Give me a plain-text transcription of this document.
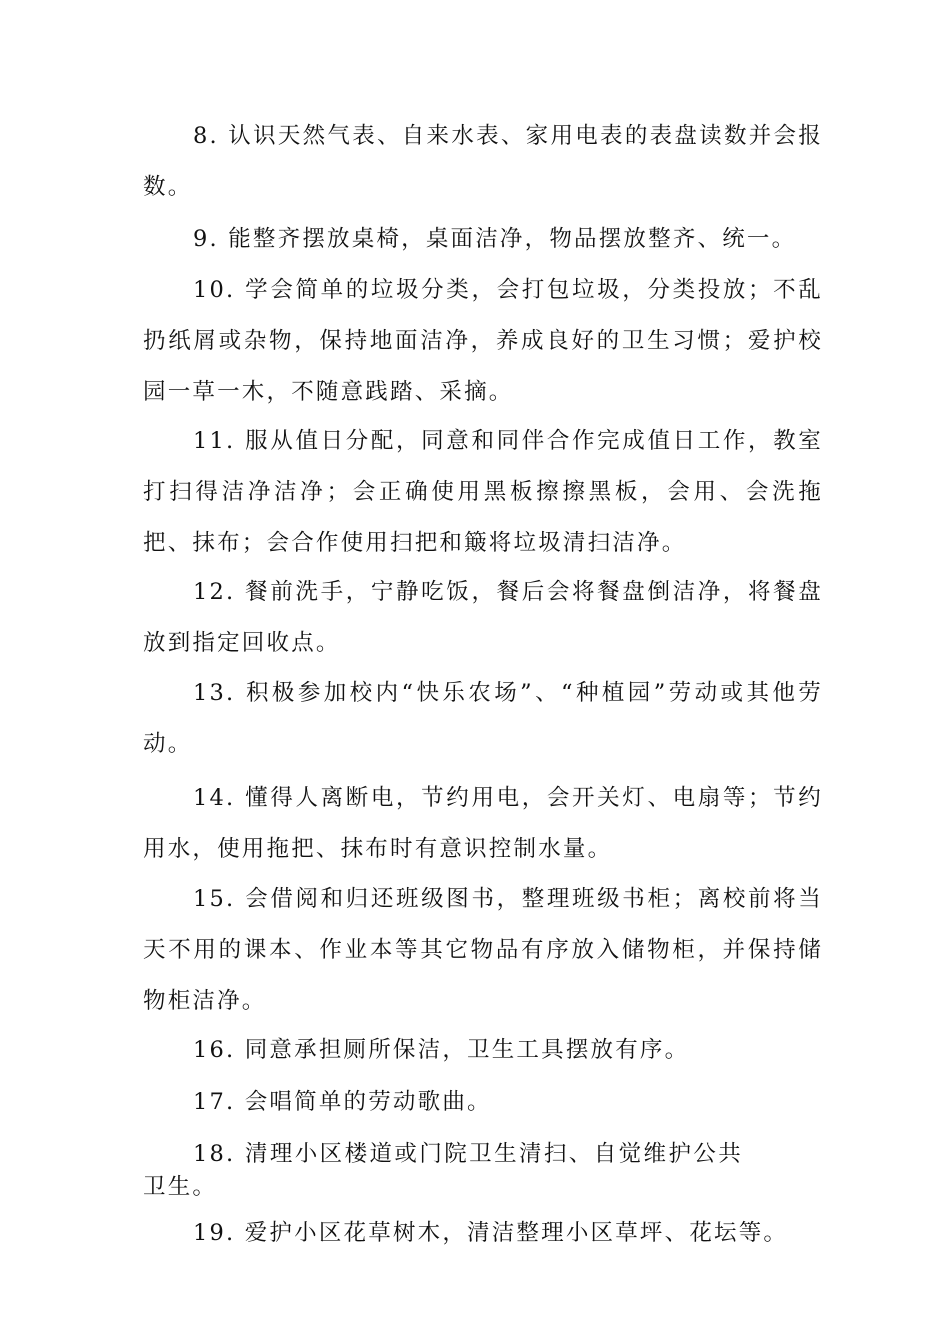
8. 认识天然气表、自来水表、家用电表的表盘读数并会报数。

9. 能整齐摆放桌椅，桌面洁净，物品摆放整齐、统一。

10. 学会简单的垃圾分类，会打包垃圾，分类投放；不乱扔纸屑或杂物，保持地面洁净，养成良好的卫生习惯；爱护校园一草一木，不随意践踏、采摘。

11. 服从值日分配，同意和同伴合作完成值日工作，教室打扫得洁净洁净；会正确使用黑板擦擦黑板，会用、会洗拖把、抹布；会合作使用扫把和簸将垃圾清扫洁净。

12. 餐前洗手，宁静吃饭，餐后会将餐盘倒洁净，将餐盘放到指定回收点。

13. 积极参加校内“快乐农场”、“种植园”劳动或其他劳动。

14. 懂得人离断电，节约用电，会开关灯、电扇等；节约用水，使用拖把、抹布时有意识控制水量。

15. 会借阅和归还班级图书，整理班级书柜；离校前将当天不用的课本、作业本等其它物品有序放入储物柜，并保持储物柜洁净。

16. 同意承担厕所保洁，卫生工具摆放有序。

17. 会唱简单的劳动歌曲。

18. 清理小区楼道或门院卫生清扫、自觉维护公共卫生。

19. 爱护小区花草树木，清洁整理小区草坪、花坛等。
